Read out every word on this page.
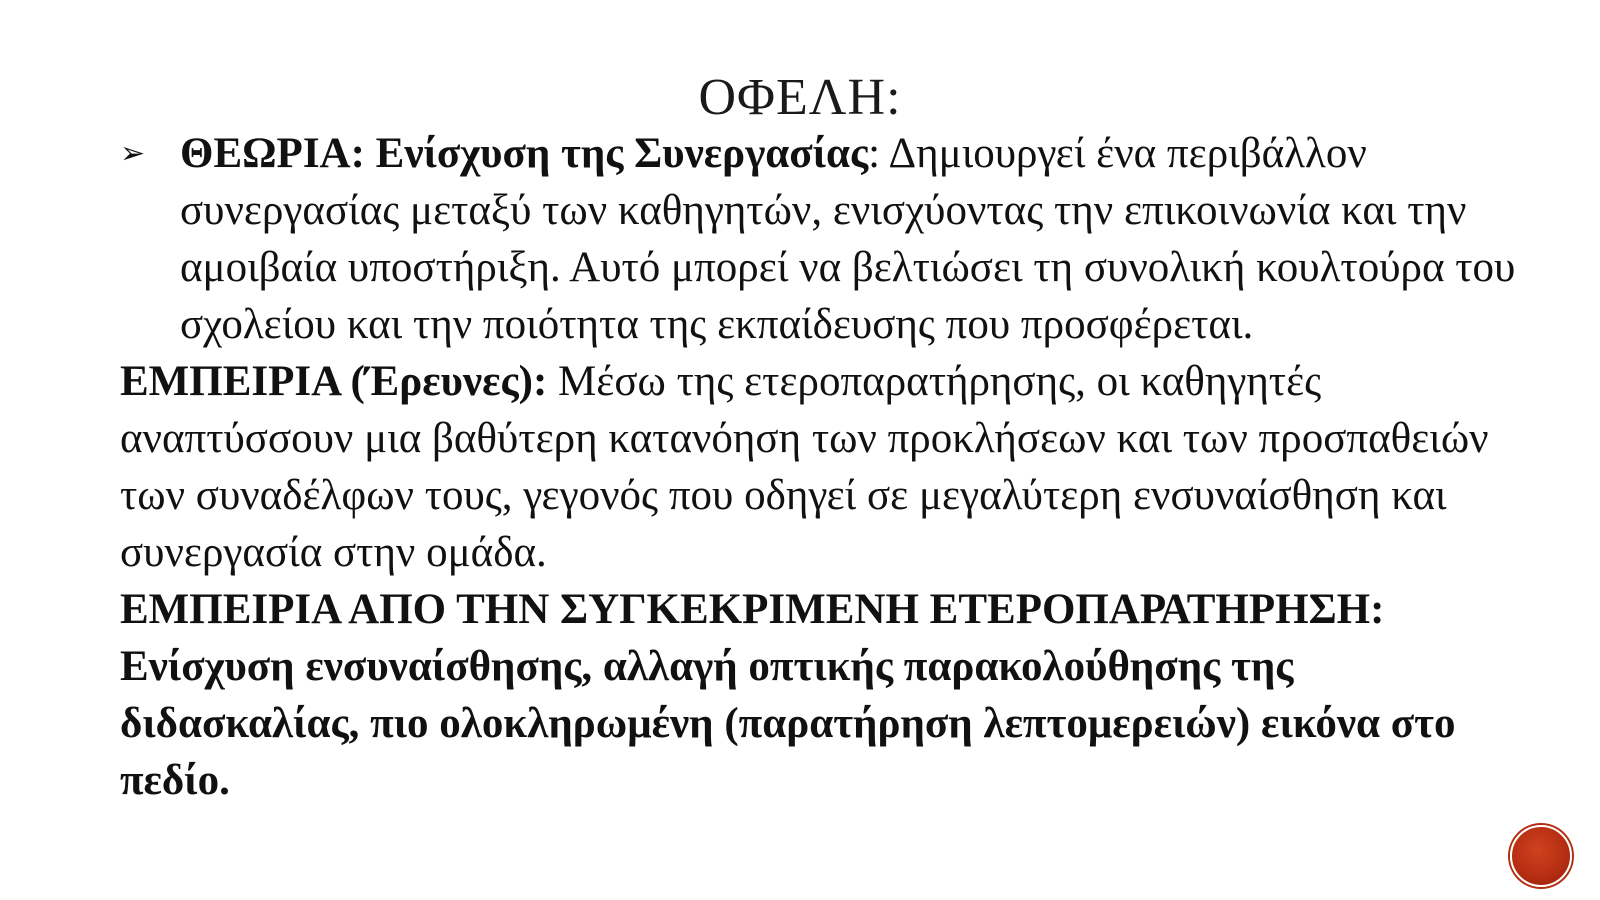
ΟΦΕΛΗ:

➢ ΘΕΩΡΙΑ: Ενίσχυση της Συνεργασίας: Δημιουργεί ένα περιβάλλον συνεργασίας μεταξύ των καθηγητών, ενισχύοντας την επικοινωνία και την αμοιβαία υποστήριξη. Αυτό μπορεί να βελτιώσει τη συνολική κουλτούρα του σχολείου και την ποιότητα της εκπαίδευσης που προσφέρεται.

ΕΜΠΕΙΡΙΑ (Έρευνες): Μέσω της ετεροπαρατήρησης, οι καθηγητές αναπτύσσουν μια βαθύτερη κατανόηση των προκλήσεων και των προσπαθειών των συναδέλφων τους, γεγονός που οδηγεί σε μεγαλύτερη ενσυναίσθηση και συνεργασία στην ομάδα.

ΕΜΠΕΙΡΙΑ ΑΠΟ ΤΗΝ ΣΥΓΚΕΚΡΙΜΕΝΗ ΕΤΕΡΟΠΑΡΑΤΗΡΗΣΗ: Ενίσχυση ενσυναίσθησης, αλλαγή οπτικής παρακολούθησης της διδασκαλίας, πιο ολοκληρωμένη (παρατήρηση λεπτομερειών) εικόνα στο πεδίο.
